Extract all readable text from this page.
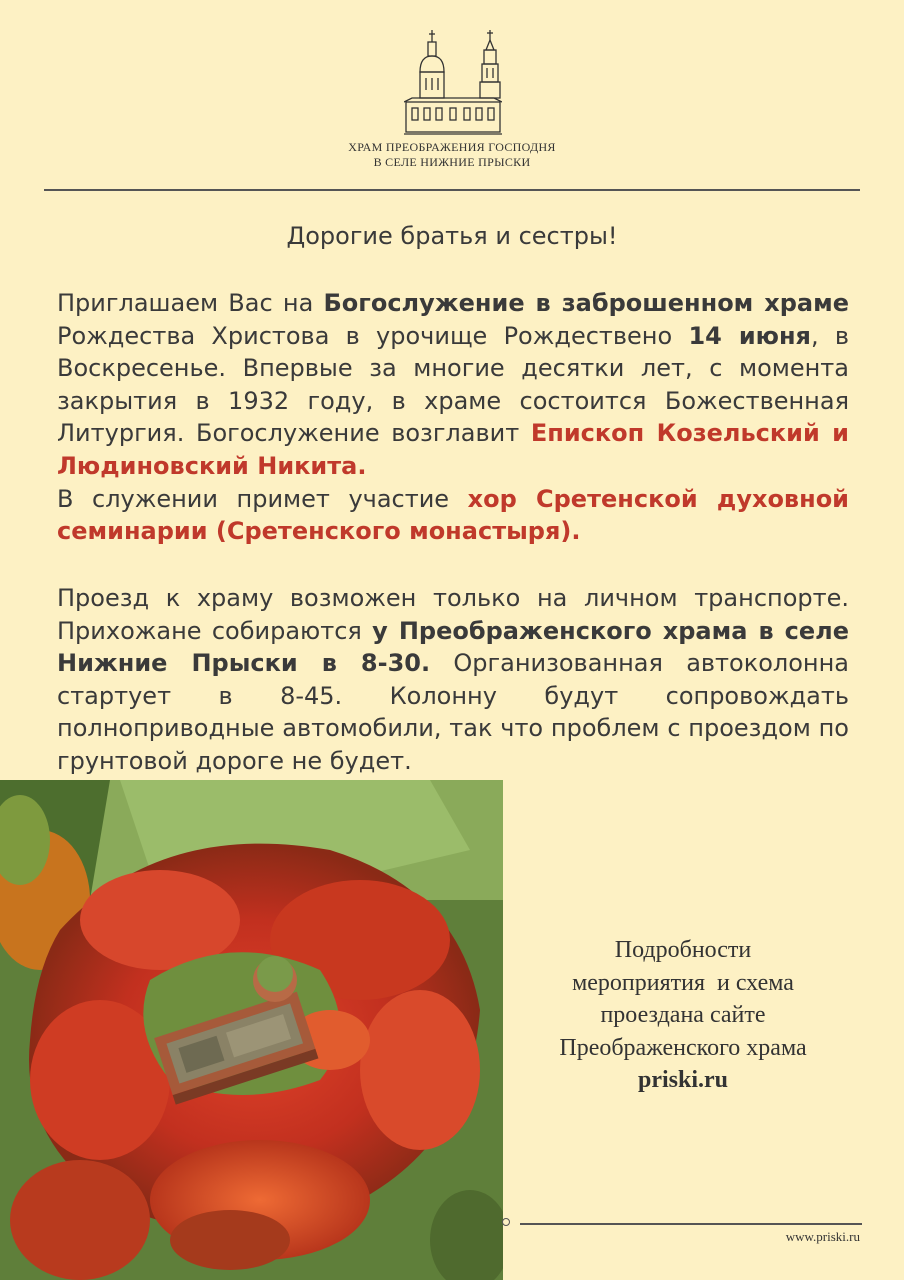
ХРАМ ПРЕОБРАЖЕНИЯ ГОСПОДНЯ
В СЕЛЕ НИЖНИЕ ПРЫСКИ
Дорогие братья и сестры!
Приглашаем Вас на Богослужение в заброшенном храме Рождества Христова в урочище Рождествено 14 июня, в Воскресенье. Впервые за многие десятки лет, с момента закрытия в 1932 году, в храме состоится Божественная Литургия. Богослужение возглавит Епископ Козельский и Людиновский Никита.
В служении примет участие хор Сретенской духовной семинарии (Сретенского монастыря).
Проезд к храму возможен только на личном транспорте. Прихожане собираются у Преображенского храма в селе Нижние Прыски в 8-30. Организованная автоколонна стартует в 8-45. Колонну будут сопровождать полноприводные автомобили, так что проблем с проездом по грунтовой дороге не будет.
Подробности
мероприятия  и схема
проездана сайте
Преображенского храма
priski.ru
www.priski.ru
